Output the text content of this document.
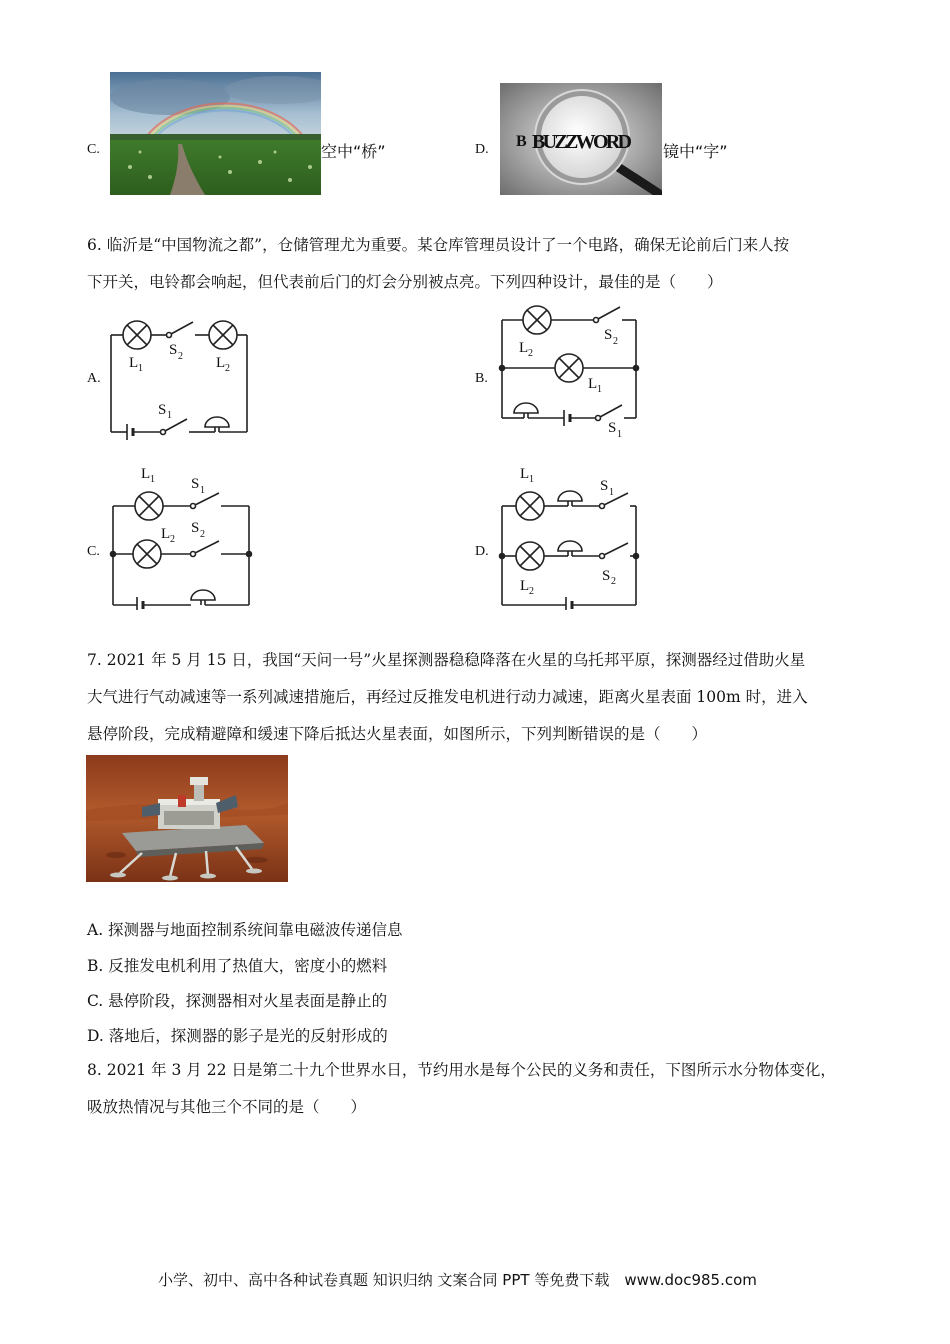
C.	空中“桥”	D. B BUZZWORD 镜中“字”
6. 临沂是“中国物流之都”，仓储管理尤为重要。某仓库管理员设计了一个电路，确保无论前后门来人按
下开关，电铃都会响起，但代表前后门的灯会分别被点亮。下列四种设计，最佳的是（　　）
A.
L 1
S 2 L 2
S 1
B.
L 2
S 2
L 1
S 1
C.
L 1 S 1
L 2
S 2
D.
L 1	S 1
L 2
S 2
7. 2021 年 5 月 15 日，我国“天问一号”火星探测器稳稳降落在火星的乌托邦平原，探测器经过借助火星
大气进行气动减速等一系列减速措施后，再经过反推发电机进行动力减速，距离火星表面 100m 时，进入
悬停阶段，完成精避障和缓速下降后抵达火星表面，如图所示，下列判断错误的是（　　）
A. 探测器与地面控制系统间靠电磁波传递信息
B. 反推发电机利用了热值大，密度小的燃料
C. 悬停阶段，探测器相对火星表面是静止的
D. 落地后，探测器的影子是光的反射形成的
8. 2021 年 3 月 22 日是第二十九个世界水日，节约用水是每个公民的义务和责任，下图所示水分物体变化，
吸放热情况与其他三个不同的是（　　）
小学、初中、高中各种试卷真题 知识归纳 文案合同 PPT 等免费下载　www.doc985.com
